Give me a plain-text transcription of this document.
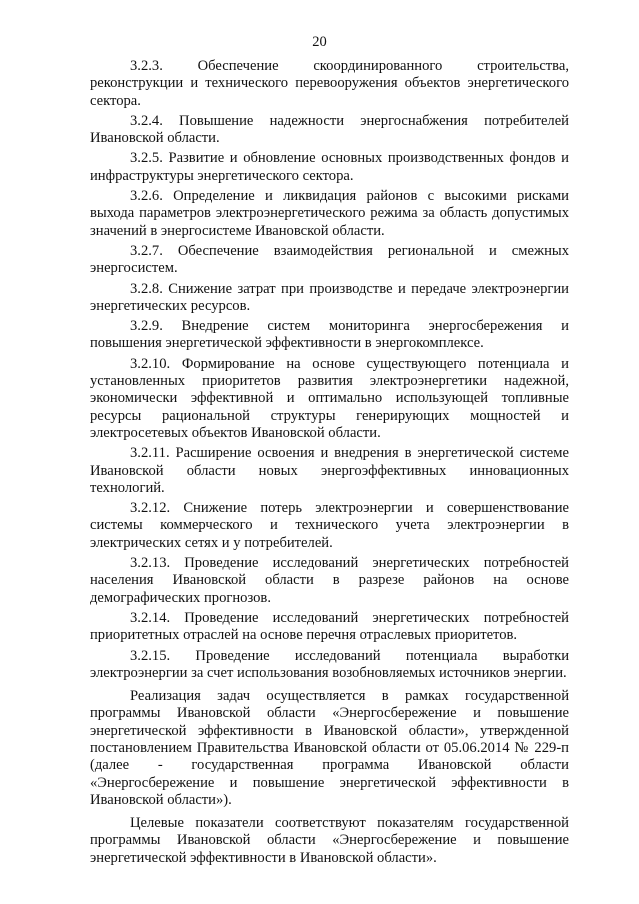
20

3.2.3. Обеспечение скоординированного строительства, реконструкции и технического перевооружения объектов энергетического сектора.

3.2.4. Повышение надежности энергоснабжения потребителей Ивановской области.

3.2.5. Развитие и обновление основных производственных фондов и инфраструктуры энергетического сектора.

3.2.6. Определение и ликвидация районов с высокими рисками выхода параметров электроэнергетического режима за область допустимых значений в энергосистеме Ивановской области.

3.2.7. Обеспечение взаимодействия региональной и смежных энергосистем.

3.2.8. Снижение затрат при производстве и передаче электроэнергии энергетических ресурсов.

3.2.9. Внедрение систем мониторинга энергосбережения и повышения энергетической эффективности в энергокомплексе.

3.2.10. Формирование на основе существующего потенциала и установленных приоритетов развития электроэнергетики надежной, экономически эффективной и оптимально использующей топливные ресурсы рациональной структуры генерирующих мощностей и электросетевых объектов Ивановской области.

3.2.11. Расширение освоения и внедрения в энергетической системе Ивановской области новых энергоэффективных инновационных технологий.

3.2.12. Снижение потерь электроэнергии и совершенствование системы коммерческого и технического учета электроэнергии в электрических сетях и у потребителей.

3.2.13. Проведение исследований энергетических потребностей населения Ивановской области в разрезе районов на основе демографических прогнозов.

3.2.14. Проведение исследований энергетических потребностей приоритетных отраслей на основе перечня отраслевых приоритетов.

3.2.15. Проведение исследований потенциала выработки электроэнергии за счет использования возобновляемых источников энергии.

Реализация задач осуществляется в рамках государственной программы Ивановской области «Энергосбережение и повышение энергетической эффективности в Ивановской области», утвержденной постановлением Правительства Ивановской области от 05.06.2014 № 229-п (далее - государственная программа Ивановской области «Энергосбережение и повышение энергетической эффективности в Ивановской области»).

Целевые показатели соответствуют показателям государственной программы Ивановской области «Энергосбережение и повышение энергетической эффективности в Ивановской области».
